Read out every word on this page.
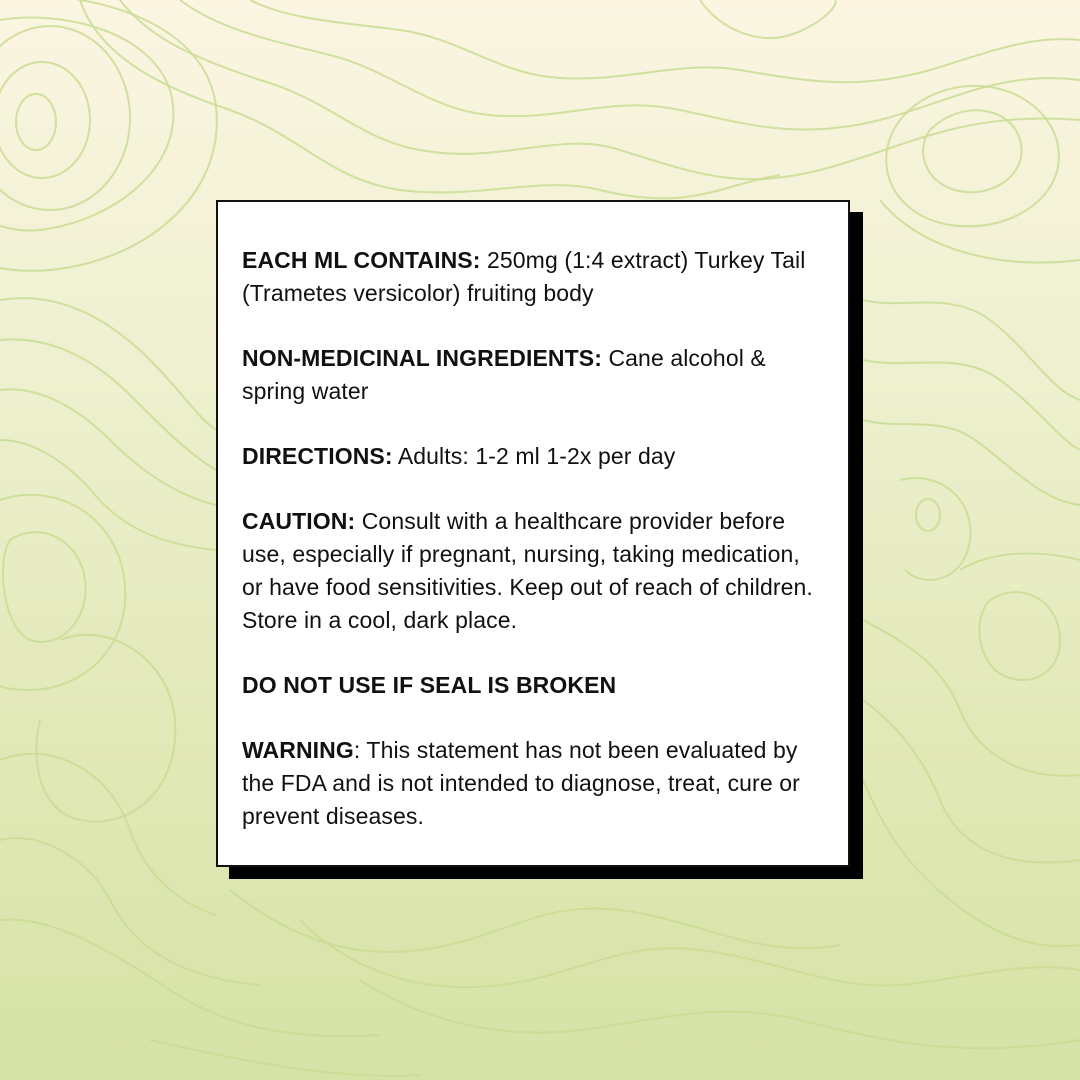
EACH ML CONTAINS: 250mg (1:4 extract) Turkey Tail (Trametes versicolor) fruiting body

NON-MEDICINAL INGREDIENTS: Cane alcohol & spring water

DIRECTIONS: Adults: 1-2 ml 1-2x per day

CAUTION: Consult with a healthcare provider before use, especially if pregnant, nursing, taking medication, or have food sensitivities. Keep out of reach of children. Store in a cool, dark place.

DO NOT USE IF SEAL IS BROKEN

WARNING: This statement has not been evaluated by the FDA and is not intended to diagnose, treat, cure or prevent diseases.
